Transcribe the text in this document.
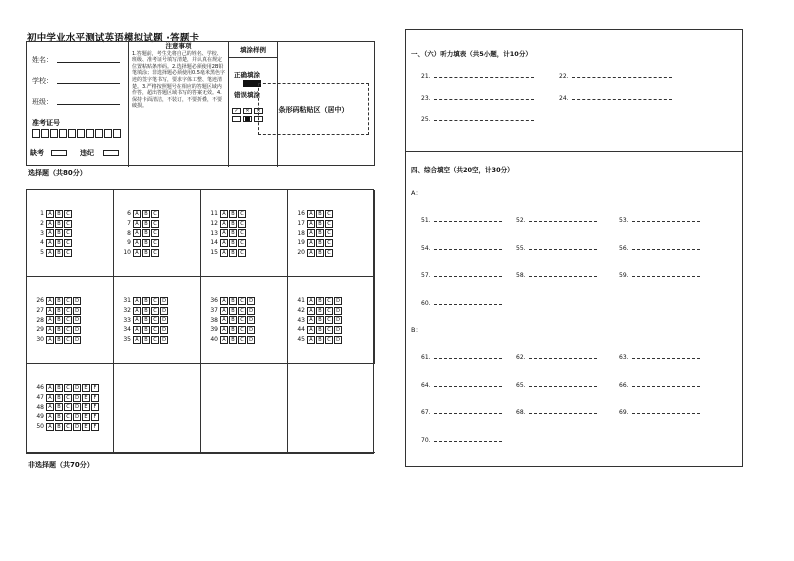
初中学业水平测试英语模拟试题 ·答题卡
姓名：
学校：
班级：
准考证号
缺考	违纪
注意事项
1.答题前，考生先将自己的姓名、学校、班级、准考证号填写清楚，并认真在规定位置粘贴条形码。2.选择题必须使用2B铅笔填涂；非选择题必须使用0.5毫米黑色字迹的签字笔书写，要求字体工整、笔迹清楚。3.严格按照题号在相应的答题区域内作答，超出答题区域书写的答案无效。4.保持卡面清洁，不装订，不要折叠，不要破损。
填涂样例
正确填涂
错误填涂
✓	✕	✕	条形码粘贴区（居中）
选择题（共80分）
1 A	B	C
2 A	B	C
3 A	B	C
4 A	B	C
5 A	B	C
6 A	B	C
7 A	B	C
8 A	B	C
9 A	B	C
10 A	B	C
11 A	B	C
12 A	B	C
13 A	B	C
14 A	B	C
15 A	B	C
16 A	B	C
17 A	B	C
18 A	B	C
19 A	B	C
20 A	B	C
26 A	B	C	D
27 A	B	C	D
28 A	B	C	D
29 A	B	C	D
30 A	B	C	D
31 A	B	C	D
32 A	B	C	D
33 A	B	C	D
34 A	B	C	D
35 A	B	C	D
36 A	B	C	D
37 A	B	C	D
38 A	B	C	D
39 A	B	C	D
40 A	B	C	D
41 A	B	C	D
42 A	B	C	D
43 A	B	C	D
44 A	B	C	D
45 A	B	C	D
46 A	B	C	D	E	F
47 A	B	C	D	E	F
48 A	B	C	D	E	F
49 A	B	C	D	E	F
50 A	B	C	D	E	F
非选择题（共70分）
一、（六）听力填表（共5小题，计10分）
21.	22.
23.	24.
25.
四、综合填空（共20空，计30分）
A：
B：
51.	52.	53.
54.	55.	56.
57.	58.	59.
60.
61.	62.	63.
64.	65.	66.
67.	68.	69.
70.
